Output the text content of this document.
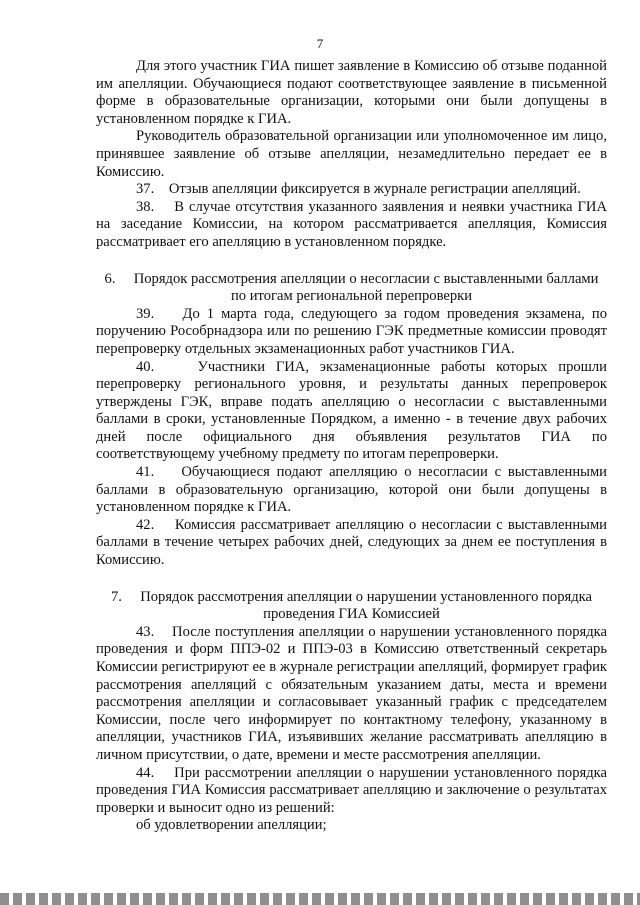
7

Для этого участник ГИА пишет заявление в Комиссию об отзыве поданной им апелляции. Обучающиеся подают соответствующее заявление в письменной форме в образовательные организации, которыми они были допущены в установленном порядке к ГИА.

Руководитель образовательной организации или уполномоченное им лицо, принявшее заявление об отзыве апелляции, незамедлительно передает ее в Комиссию.

37.    Отзыв апелляции фиксируется в журнале регистрации апелляций.

38.    В случае отсутствия указанного заявления и неявки участника ГИА на заседание Комиссии, на котором рассматривается апелляция, Комиссия рассматривает его апелляцию в установленном порядке.

6.     Порядок рассмотрения апелляции о несогласии с выставленными баллами по итогам региональной перепроверки

39.    До 1 марта года, следующего за годом проведения экзамена, по поручению Рособрнадзора или по решению ГЭК предметные комиссии проводят перепроверку отдельных экзаменационных работ участников ГИА.

40.    Участники ГИА, экзаменационные работы которых прошли перепроверку регионального уровня, и результаты данных перепроверок утверждены ГЭК, вправе подать апелляцию о несогласии с выставленными баллами в сроки, установленные Порядком, а именно - в течение двух рабочих дней после официального дня объявления результатов ГИА по соответствующему учебному предмету по итогам перепроверки.

41.    Обучающиеся подают апелляцию о несогласии с выставленными баллами в образовательную организацию, которой они были допущены в установленном порядке к ГИА.

42.    Комиссия рассматривает апелляцию о несогласии с выставленными баллами в течение четырех рабочих дней, следующих за днем ее поступления в Комиссию.

7.     Порядок рассмотрения апелляции о нарушении установленного порядка проведения ГИА Комиссией

43.    После поступления апелляции о нарушении установленного порядка проведения и форм ППЭ-02 и ППЭ-03 в Комиссию ответственный секретарь Комиссии регистрируют ее в журнале регистрации апелляций, формирует график рассмотрения апелляций с обязательным указанием даты, места и времени рассмотрения апелляции и согласовывает указанный график с председателем Комиссии, после чего информирует по контактному телефону, указанному в апелляции, участников ГИА, изъявивших желание рассматривать апелляцию в личном присутствии, о дате, времени и месте рассмотрения апелляции.

44.    При рассмотрении апелляции о нарушении установленного порядка проведения ГИА Комиссия рассматривает апелляцию и заключение о результатах проверки и выносит одно из решений:

об удовлетворении апелляции;
